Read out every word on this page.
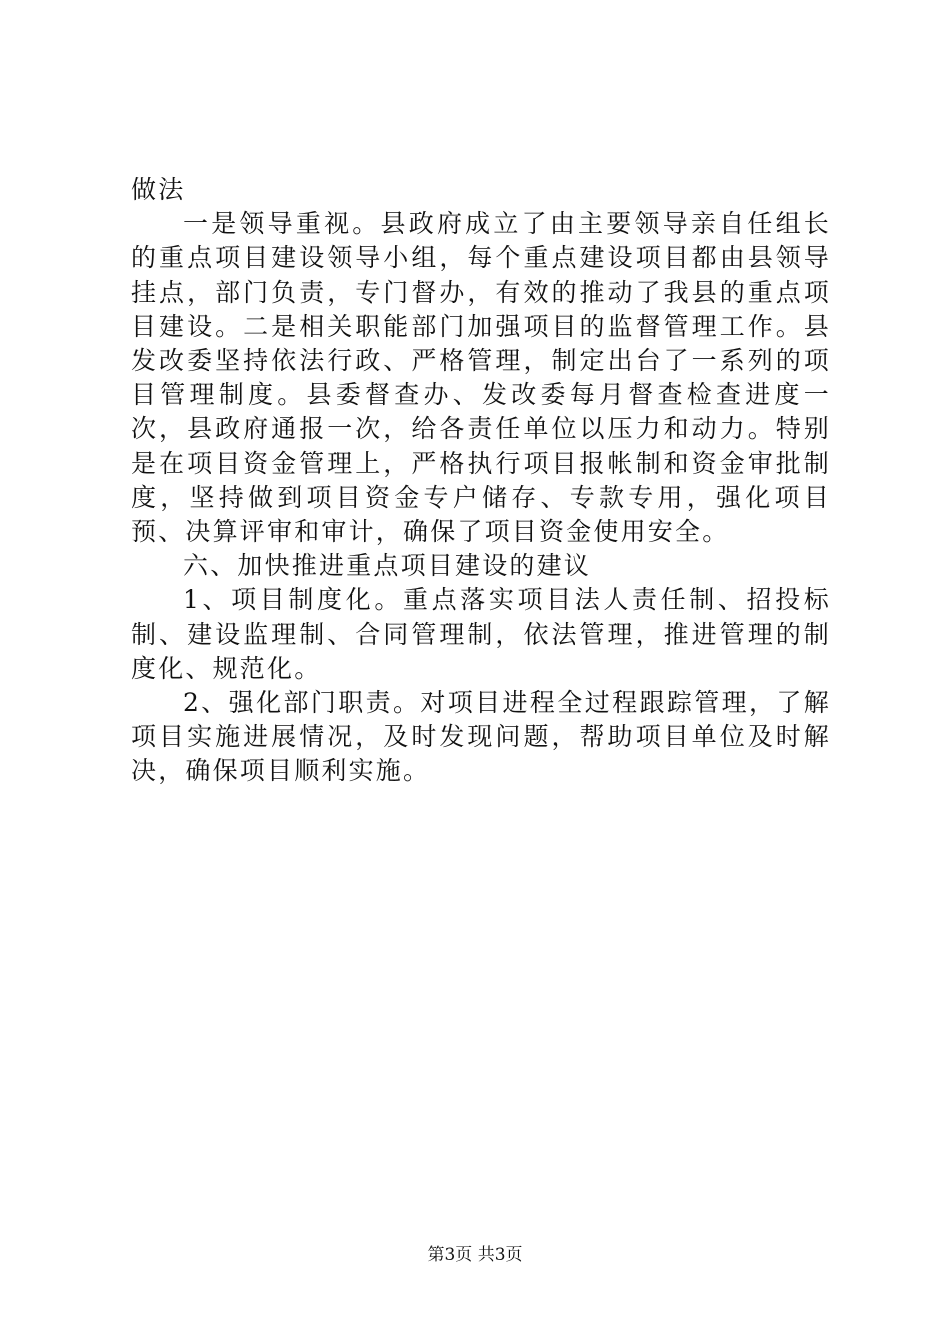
做法

一是领导重视。县政府成立了由主要领导亲自任组长的重点项目建设领导小组，每个重点建设项目都由县领导挂点，部门负责，专门督办，有效的推动了我县的重点项目建设。二是相关职能部门加强项目的监督管理工作。县发改委坚持依法行政、严格管理，制定出台了一系列的项目管理制度。县委督查办、发改委每月督查检查进度一次，县政府通报一次，给各责任单位以压力和动力。特别是在项目资金管理上，严格执行项目报帐制和资金审批制度，坚持做到项目资金专户储存、专款专用，强化项目预、决算评审和审计，确保了项目资金使用安全。

六、加快推进重点项目建设的建议

1、项目制度化。重点落实项目法人责任制、招投标制、建设监理制、合同管理制，依法管理，推进管理的制度化、规范化。

2、强化部门职责。对项目进程全过程跟踪管理，了解项目实施进展情况，及时发现问题，帮助项目单位及时解决，确保项目顺利实施。

第3页 共3页
